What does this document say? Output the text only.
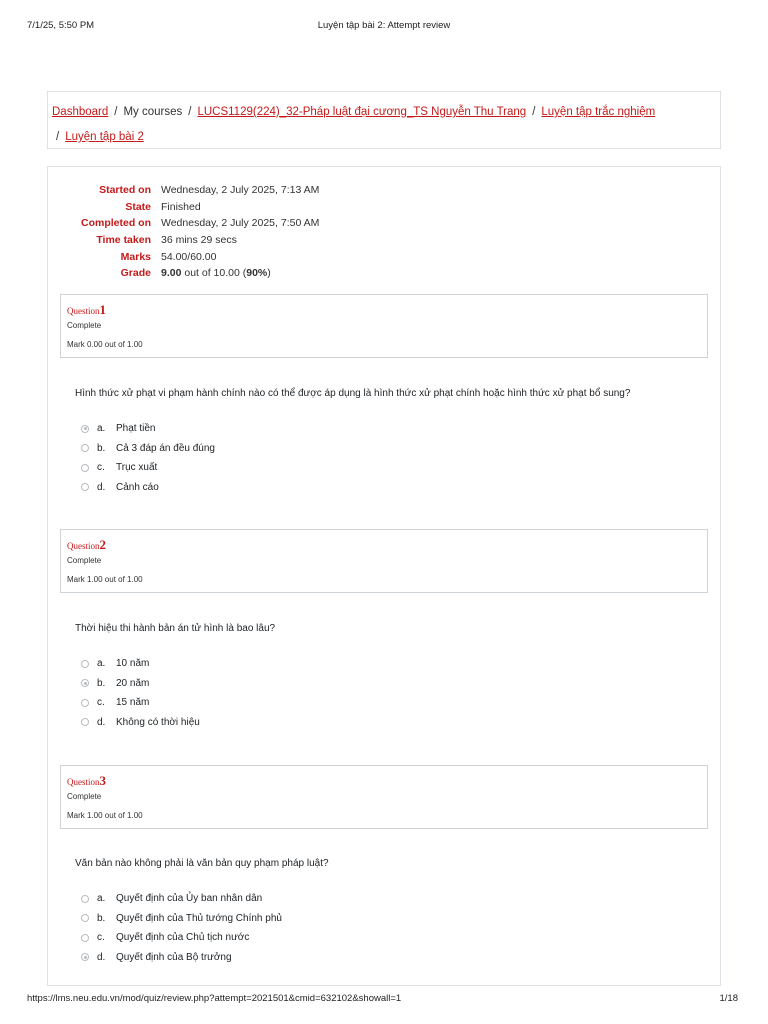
7/1/25, 5:50 PM	Luyện tập bài 2: Attempt review
Dashboard / My courses / LUCS1129(224)_32-Pháp luật đại cương_TS Nguyễn Thu Trang / Luyện tập trắc nghiệm
/ Luyện tập bài 2
Started on Wednesday, 2 July 2025, 7:13 AM
State Finished
Completed on Wednesday, 2 July 2025, 7:50 AM
Time taken 36 mins 29 secs
Marks 54.00/60.00
Grade 9.00 out of 10.00 (90%)
Question1
Complete
Mark 0.00 out of 1.00
Hình thức xử phạt vi phạm hành chính nào có thể được áp dụng là hình thức xử phạt chính hoặc hình thức xử phạt bổ sung?
a.	Phạt tiền
b.	Cả 3 đáp án đều đúng
c.	Trục xuất
d.	Cảnh cáo
Question2
Complete
Mark 1.00 out of 1.00
Thời hiệu thi hành bản án tử hình là bao lâu?
a.	10 năm
b.	20 năm
c.	15 năm
d.	Không có thời hiệu
Question3
Complete
Mark 1.00 out of 1.00
Văn bản nào không phải là văn bản quy phạm pháp luật?
a.	Quyết định của Ủy ban nhân dân
b.	Quyết định của Thủ tướng Chính phủ
c.	Quyết định của Chủ tịch nước
d.	Quyết định của Bộ trưởng
https://lms.neu.edu.vn/mod/quiz/review.php?attempt=2021501&cmid=632102&showall=1	1/18
